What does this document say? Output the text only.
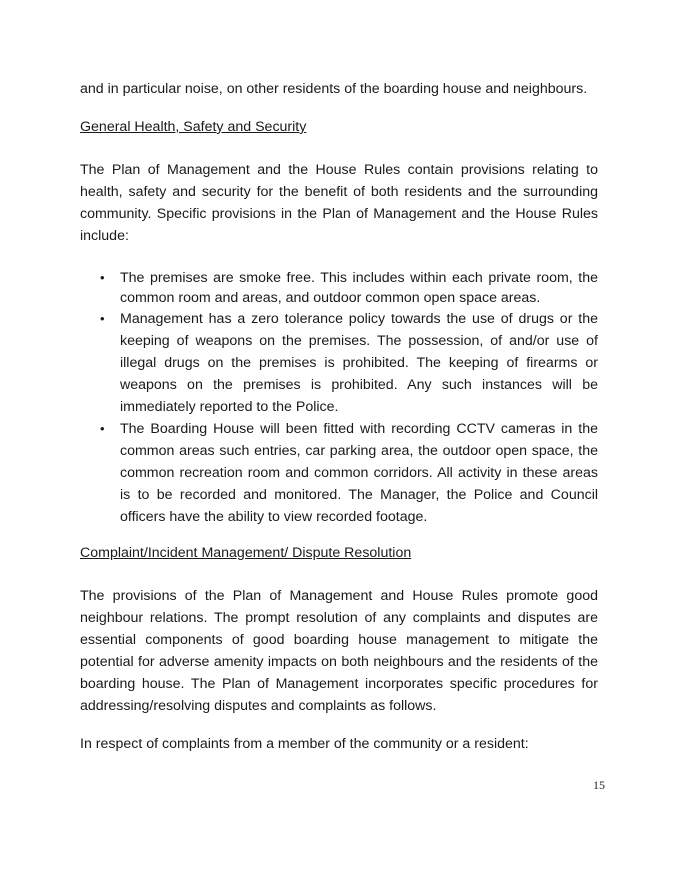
and in particular noise, on other residents of the boarding house and neighbours.

General Health, Safety and Security

The Plan of Management and the House Rules contain provisions relating to health, safety and security for the benefit of both residents and the surrounding community. Specific provisions in the Plan of Management and the House Rules include:

• The premises are smoke free. This includes within each private room, the common room and areas, and outdoor common open space areas.
• Management has a zero tolerance policy towards the use of drugs or the keeping of weapons on the premises. The possession, of and/or use of illegal drugs on the premises is prohibited. The keeping of firearms or weapons on the premises is prohibited. Any such instances will be immediately reported to the Police.
• The Boarding House will been fitted with recording CCTV cameras in the common areas such entries, car parking area, the outdoor open space, the common recreation room and common corridors. All activity in these areas is to be recorded and monitored. The Manager, the Police and Council officers have the ability to view recorded footage.

Complaint/Incident Management/ Dispute Resolution

The provisions of the Plan of Management and House Rules promote good neighbour relations. The prompt resolution of any complaints and disputes are essential components of good boarding house management to mitigate the potential for adverse amenity impacts on both neighbours and the residents of the boarding house. The Plan of Management incorporates specific procedures for addressing/resolving disputes and complaints as follows.

In respect of complaints from a member of the community or a resident:

15
